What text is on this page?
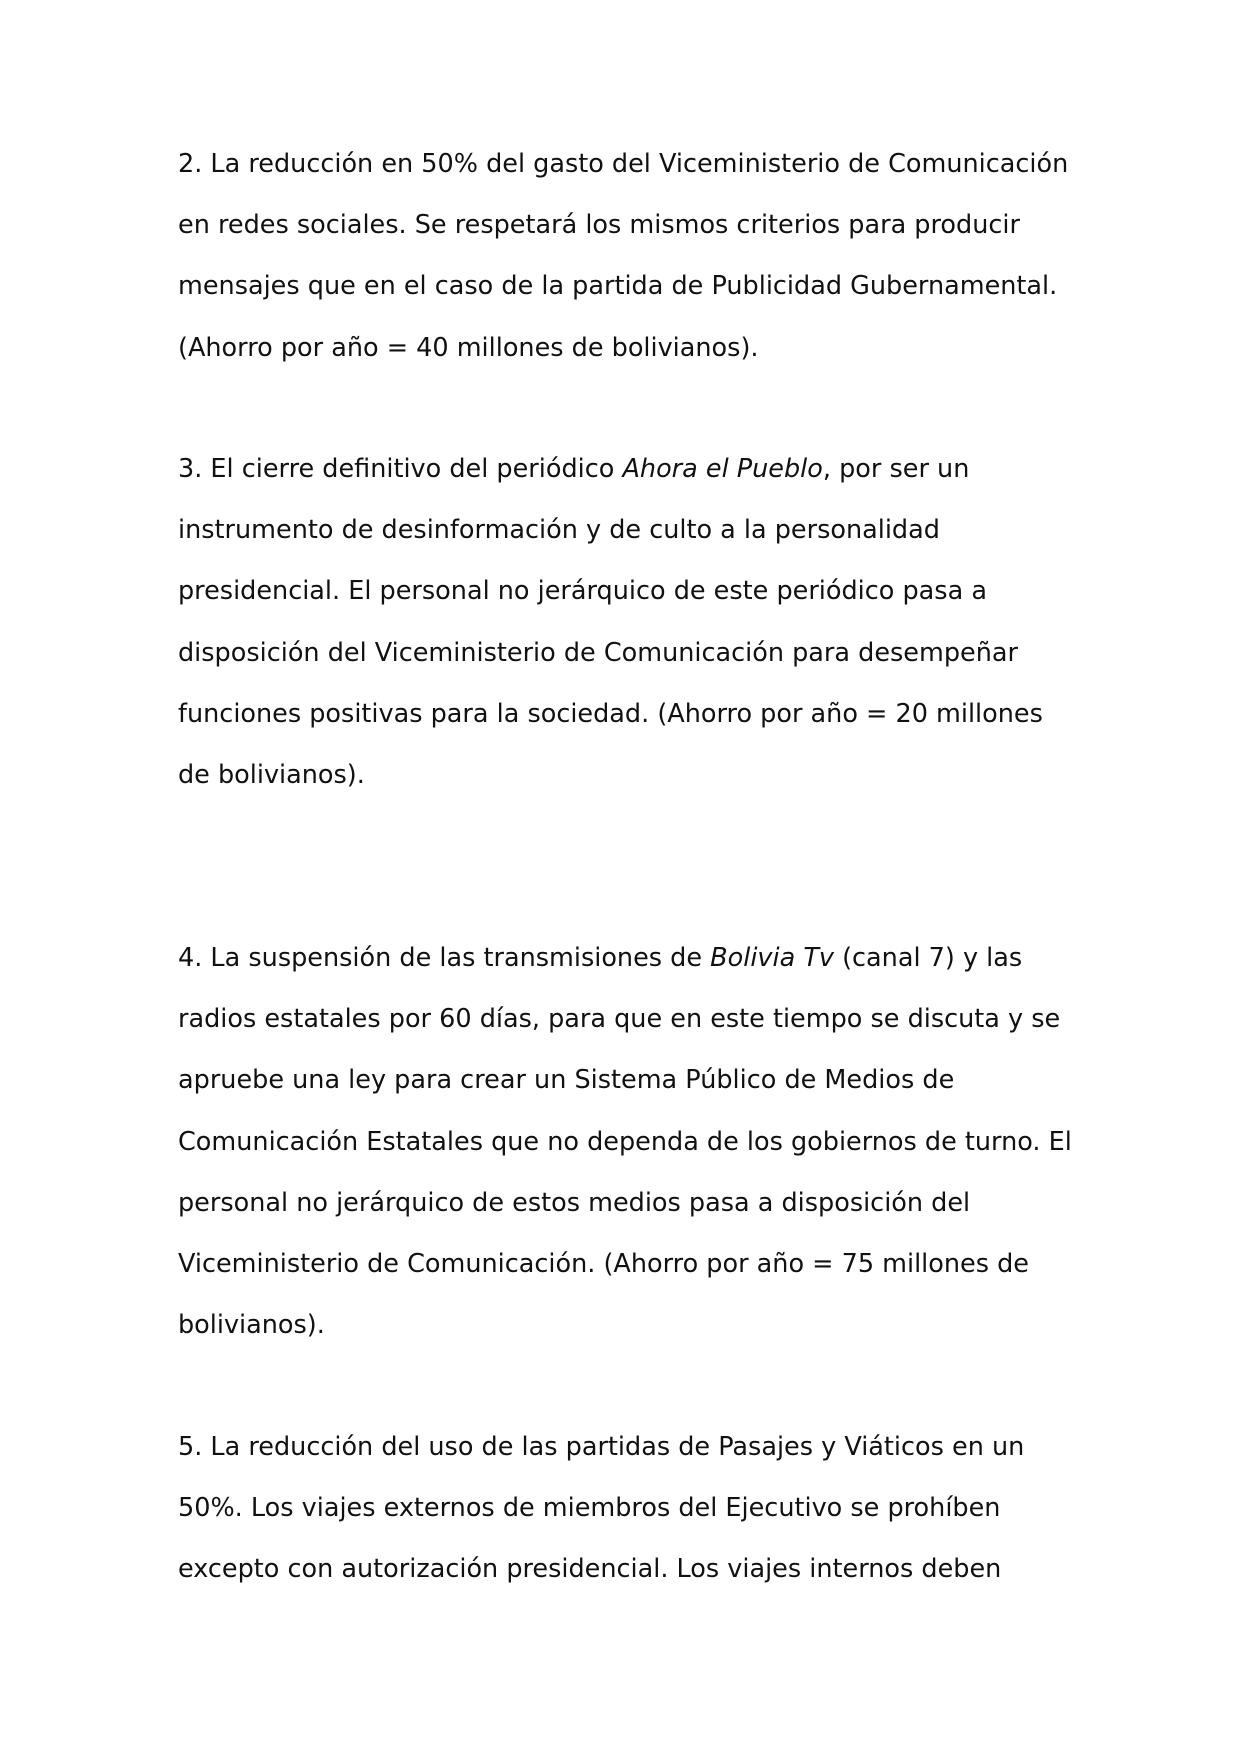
2. La reducción en 50% del gasto del Viceministerio de Comunicación
en redes sociales. Se respetará los mismos criterios para producir
mensajes que en el caso de la partida de Publicidad Gubernamental.
(Ahorro por año = 40 millones de bolivianos).

3. El cierre definitivo del periódico Ahora el Pueblo, por ser un
instrumento de desinformación y de culto a la personalidad
presidencial. El personal no jerárquico de este periódico pasa a
disposición del Viceministerio de Comunicación para desempeñar
funciones positivas para la sociedad. (Ahorro por año = 20 millones
de bolivianos).

4. La suspensión de las transmisiones de Bolivia Tv (canal 7) y las
radios estatales por 60 días, para que en este tiempo se discuta y se
apruebe una ley para crear un Sistema Público de Medios de
Comunicación Estatales que no dependa de los gobiernos de turno. El
personal no jerárquico de estos medios pasa a disposición del
Viceministerio de Comunicación. (Ahorro por año = 75 millones de
bolivianos).

5. La reducción del uso de las partidas de Pasajes y Viáticos en un
50%. Los viajes externos de miembros del Ejecutivo se prohíben
excepto con autorización presidencial. Los viajes internos deben
